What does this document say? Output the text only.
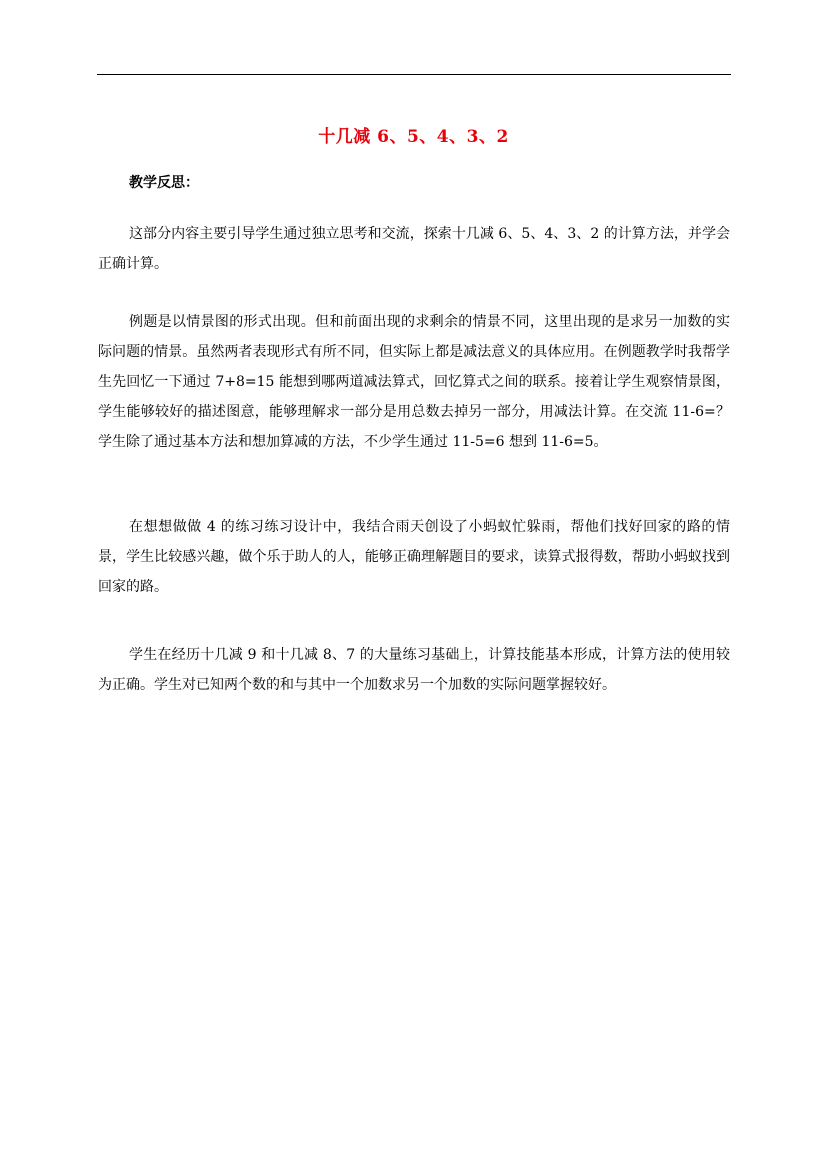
十几减 6、5、4、3、2

教学反思：

这部分内容主要引导学生通过独立思考和交流，探索十几减 6、5、4、3、2 的计算方法，并学会正确计算。

例题是以情景图的形式出现。但和前面出现的求剩余的情景不同，这里出现的是求另一加数的实际问题的情景。虽然两者表现形式有所不同，但实际上都是减法意义的具体应用。在例题教学时我帮学生先回忆一下通过 7+8=15 能想到哪两道减法算式，回忆算式之间的联系。接着让学生观察情景图，学生能够较好的描述图意，能够理解求一部分是用总数去掉另一部分，用减法计算。在交流 11-6=？学生除了通过基本方法和想加算减的方法，不少学生通过 11-5=6 想到 11-6=5。

在想想做做 4 的练习练习设计中，我结合雨天创设了小蚂蚁忙躲雨，帮他们找好回家的路的情景，学生比较感兴趣，做个乐于助人的人，能够正确理解题目的要求，读算式报得数，帮助小蚂蚁找到回家的路。

学生在经历十几减 9 和十几减 8、7 的大量练习基础上，计算技能基本形成，计算方法的使用较为正确。学生对已知两个数的和与其中一个加数求另一个加数的实际问题掌握较好。
